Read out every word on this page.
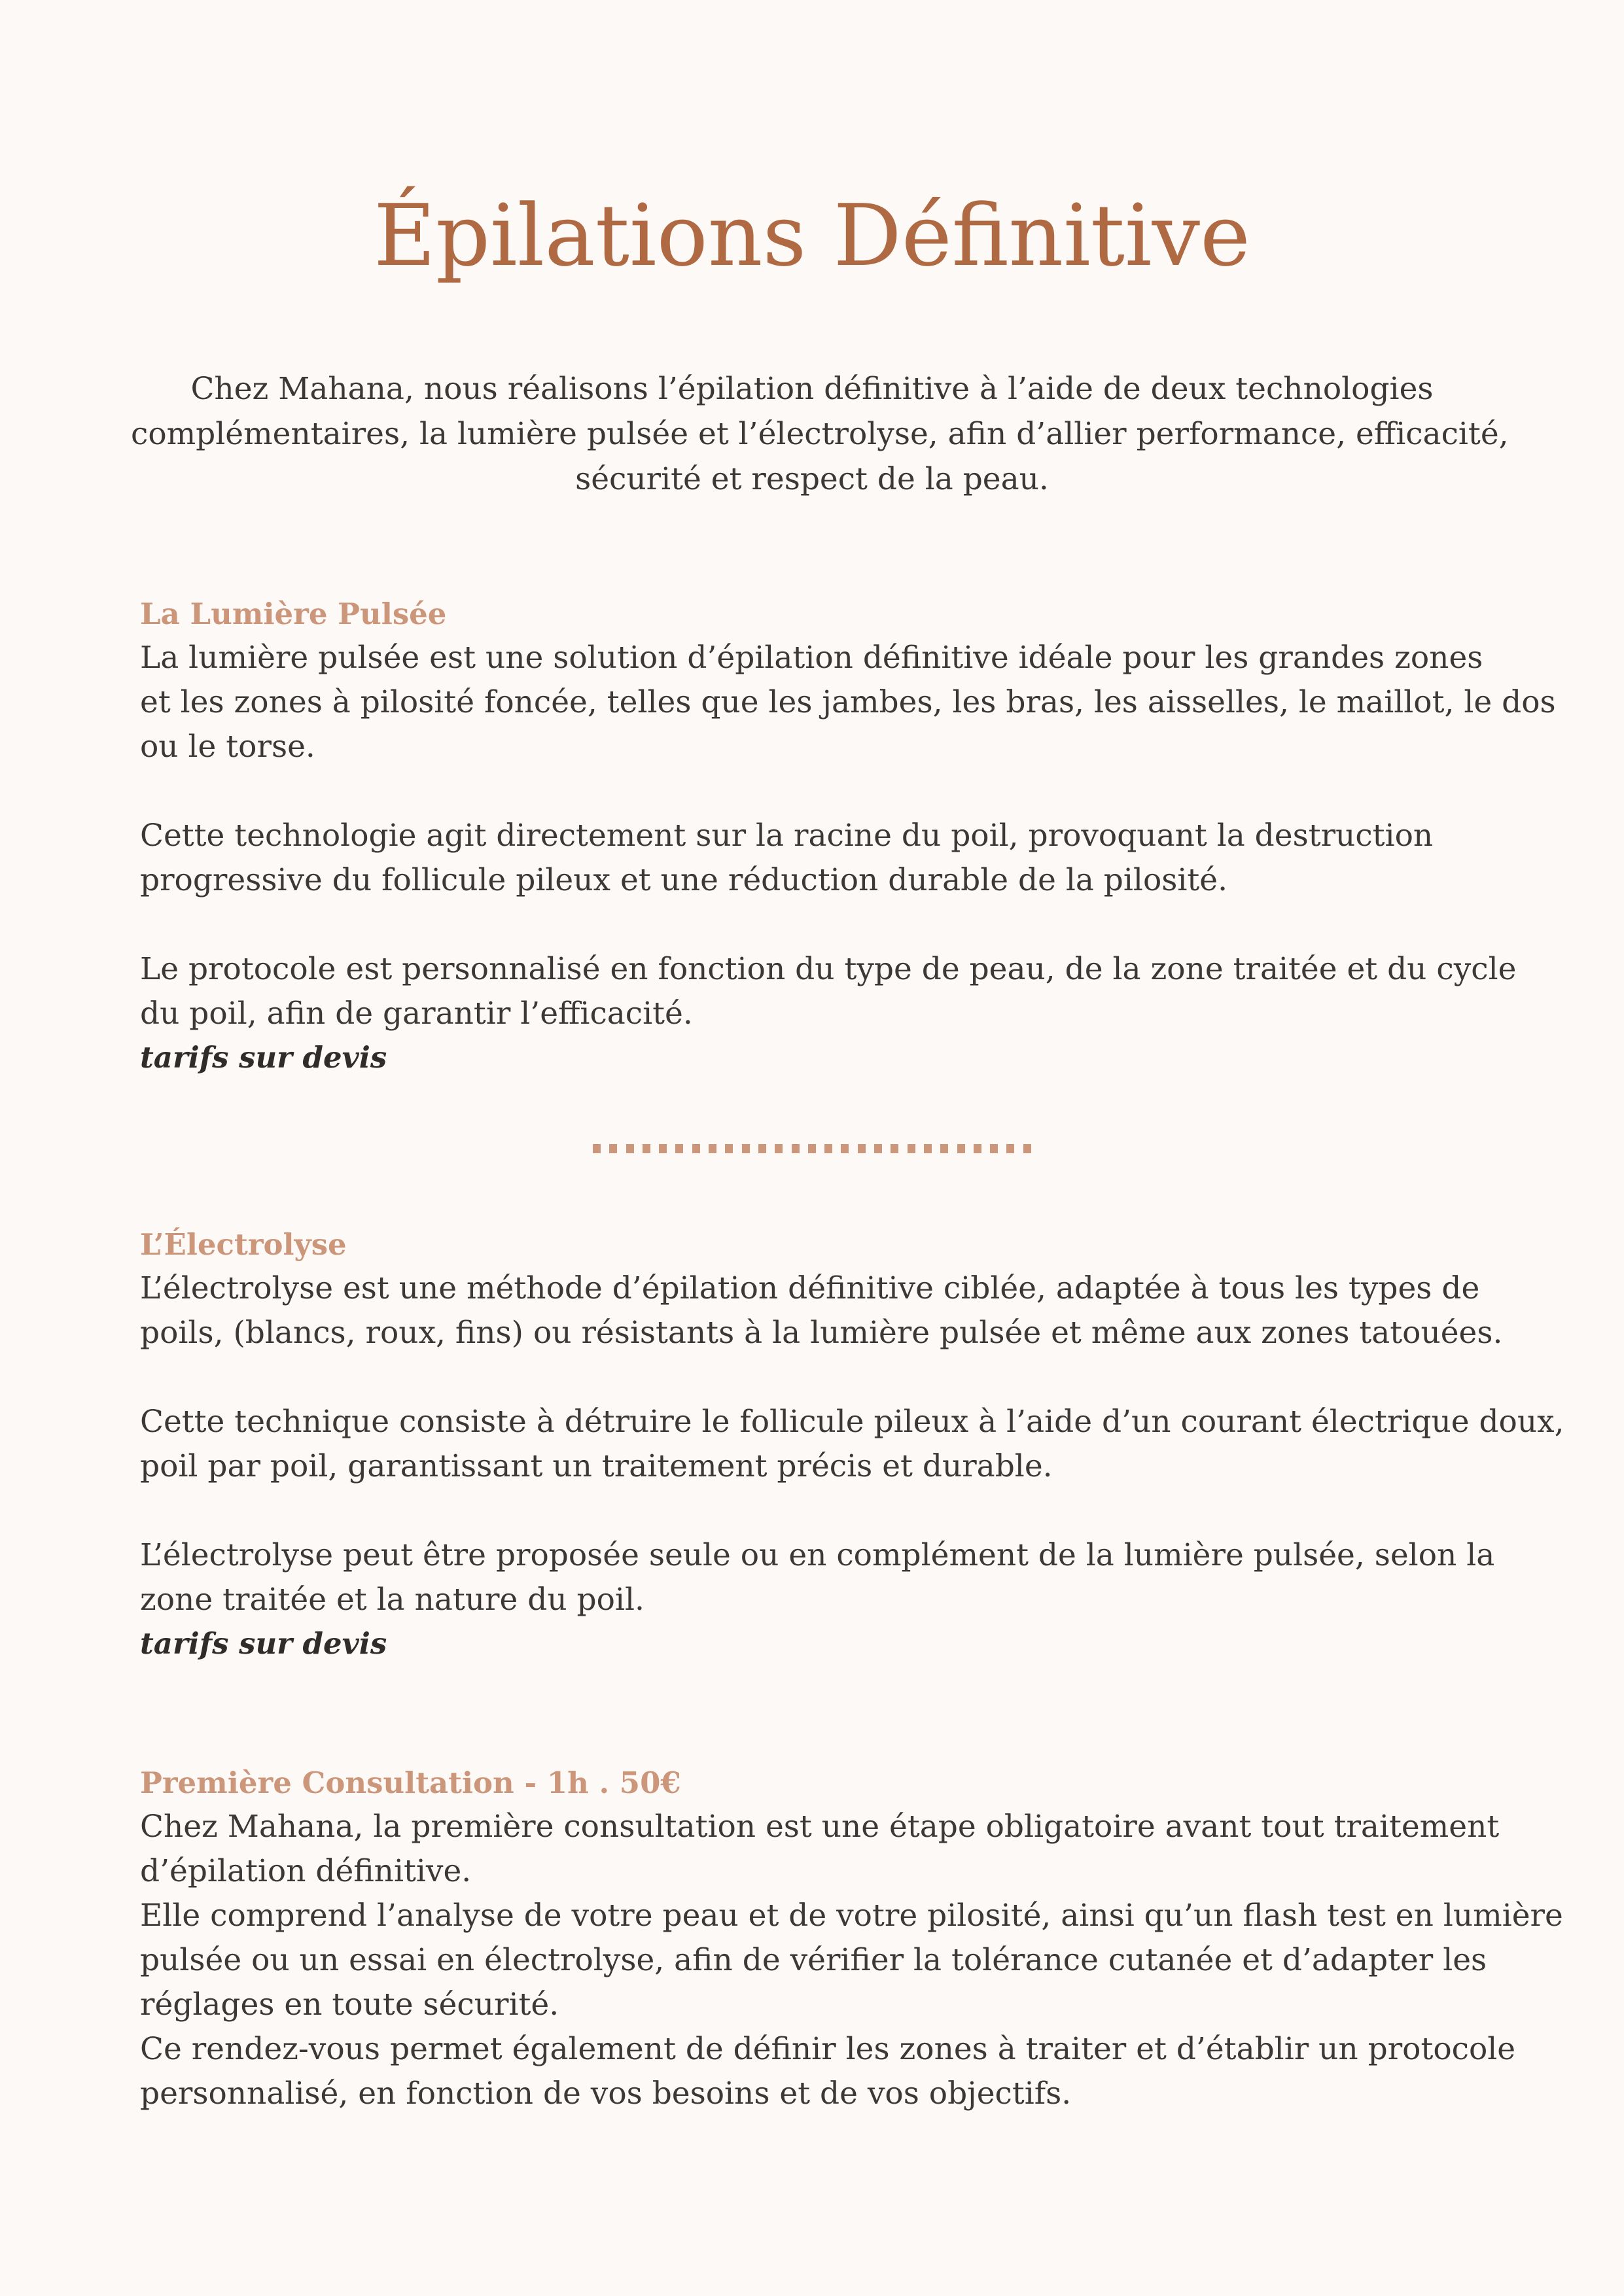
Épilations Définitive

Chez Mahana, nous réalisons l’épilation définitive à l’aide de deux technologies
complémentaires, la lumière pulsée et l’électrolyse, afin d’allier performance, efficacité,
sécurité et respect de la peau.

La Lumière Pulsée

La lumière pulsée est une solution d’épilation définitive idéale pour les grandes zones
et les zones à pilosité foncée, telles que les jambes, les bras, les aisselles, le maillot, le dos
ou le torse.

Cette technologie agit directement sur la racine du poil, provoquant la destruction
progressive du follicule pileux et une réduction durable de la pilosité.

Le protocole est personnalisé en fonction du type de peau, de la zone traitée et du cycle
du poil, afin de garantir l’efficacité.

tarifs sur devis

L’Électrolyse

L’électrolyse est une méthode d’épilation définitive ciblée, adaptée à tous les types de
poils, (blancs, roux, fins) ou résistants à la lumière pulsée et même aux zones tatouées.

Cette technique consiste à détruire le follicule pileux à l’aide d’un courant électrique doux,
poil par poil, garantissant un traitement précis et durable.

L’électrolyse peut être proposée seule ou en complément de la lumière pulsée, selon la
zone traitée et la nature du poil.

tarifs sur devis

Première Consultation - 1h . 50€

Chez Mahana, la première consultation est une étape obligatoire avant tout traitement
d’épilation définitive.
Elle comprend l’analyse de votre peau et de votre pilosité, ainsi qu’un flash test en lumière
pulsée ou un essai en électrolyse, afin de vérifier la tolérance cutanée et d’adapter les
réglages en toute sécurité.
Ce rendez-vous permet également de définir les zones à traiter et d’établir un protocole
personnalisé, en fonction de vos besoins et de vos objectifs.
